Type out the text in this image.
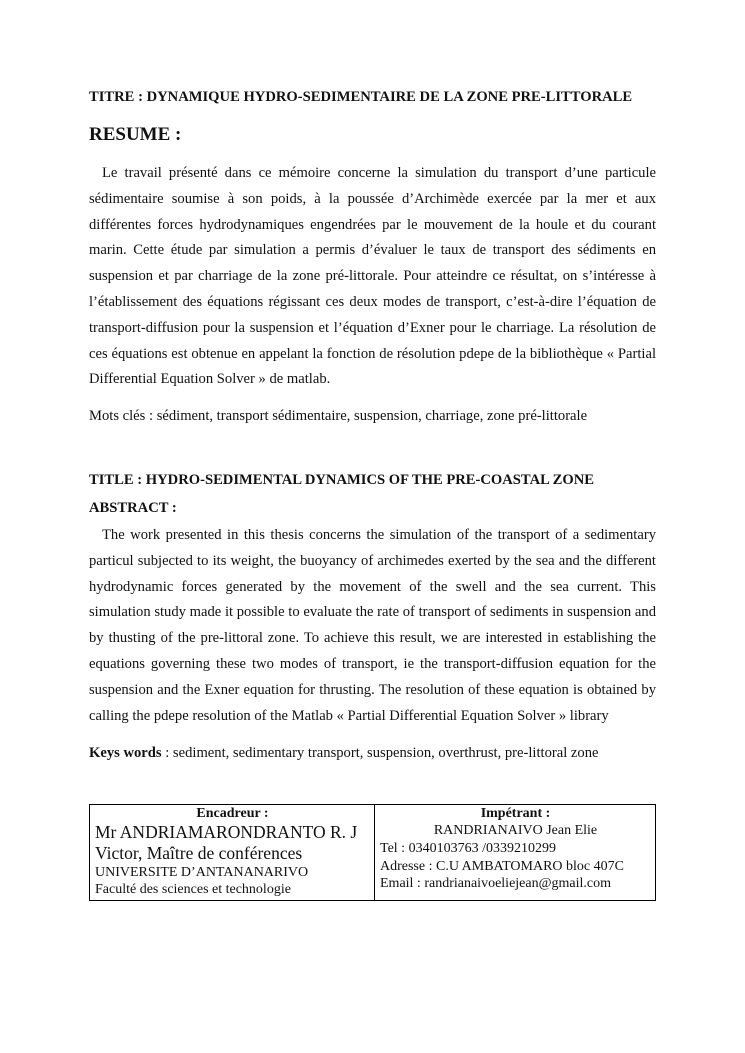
TITRE : DYNAMIQUE HYDRO-SEDIMENTAIRE DE LA ZONE PRE-LITTORALE
RESUME :

Le travail présenté dans ce mémoire concerne la simulation du transport d’une particule sédimentaire soumise à son poids, à la poussée d’Archimède exercée par la mer et aux différentes forces hydrodynamiques engendrées par le mouvement de la houle et du courant marin. Cette étude par simulation a permis d’évaluer le taux de transport des sédiments en suspension et par charriage de la zone pré-littorale. Pour atteindre ce résultat, on s’intéresse à l’établissement des équations régissant ces deux modes de transport, c’est-à-dire l’équation de transport-diffusion pour la suspension et l’équation d’Exner pour le charriage. La résolution de ces équations est obtenue en appelant la fonction de résolution pdepe de la bibliothèque « Partial Differential Equation Solver » de matlab.

Mots clés : sédiment, transport sédimentaire, suspension, charriage, zone pré-littorale
TITLE : HYDRO-SEDIMENTAL DYNAMICS OF THE PRE-COASTAL ZONE
ABSTRACT :

The work presented in this thesis concerns the simulation of the transport of a sedimentary particul subjected to its weight, the buoyancy of archimedes exerted by the sea and the different hydrodynamic forces generated by the movement of the swell and the sea current. This simulation study made it possible to evaluate the rate of transport of sediments in suspension and by thusting of the pre-littoral zone. To achieve this result, we are interested in establishing the equations governing these two modes of transport, ie the transport-diffusion equation for the suspension and the Exner equation for thrusting. The resolution of these equation is obtained by calling the pdepe resolution of the Matlab « Partial Differential Equation Solver » library

Keys words : sediment, sedimentary transport, suspension, overthrust, pre-littoral zone
Encadreur :
Mr ANDRIAMARONDRANTO R. J
Victor, Maître de conférences
UNIVERSITE D’ANTANANARIVO
Faculté des sciences et technologie

Impétrant :
RANDRIANAIVO Jean Elie
Tel : 0340103763 /0339210299
Adresse : C.U AMBATOMARO bloc 407C
Email : randrianaivoeliejean@gmail.com
